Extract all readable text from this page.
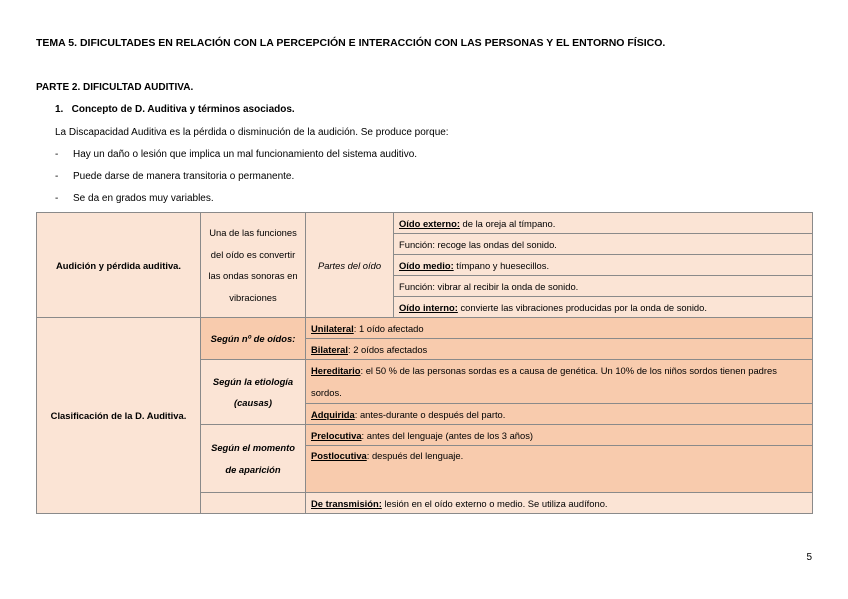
TEMA 5. DIFICULTADES EN RELACIÓN CON LA PERCEPCIÓN E INTERACCIÓN CON LAS PERSONAS Y EL ENTORNO FÍSICO.
PARTE 2. DIFICULTAD AUDITIVA.
1.   Concepto de D. Auditiva y términos asociados.
La Discapacidad Auditiva es la pérdida o disminución de la audición. Se produce porque:
- Hay un daño o lesión que implica un mal funcionamiento del sistema auditivo.
- Puede darse de manera transitoria o permanente.
- Se da en grados muy variables.
Audición y pérdida auditiva.	Una de las funciones del oído es convertir las ondas sonoras en vibraciones	Partes del oído	Oído externo: de la oreja al tímpano.
			Función: recoge las ondas del sonido.
			Oído medio: tímpano y huesecillos.
			Función: vibrar al recibir la onda de sonido.
			Oído interno: convierte las vibraciones producidas por la onda de sonido.
Clasificación de la D. Auditiva.	Según nº de oídos:	Unilateral: 1 oído afectado	
		Bilateral: 2 oídos afectados	
	Según la etiología (causas)	Hereditario: el 50 % de las personas sordas es a causa de genética. Un 10% de los niños sordos tienen padres sordos.	
		Adquirida: antes-durante o después del parto.	
	Según el momento de aparición	Prelocutiva: antes del lenguaje (antes de los 3 años)	
		Postlocutiva: después del lenguaje.	
		De transmisión: lesión en el oído externo o medio. Se utiliza audífono.	
5
